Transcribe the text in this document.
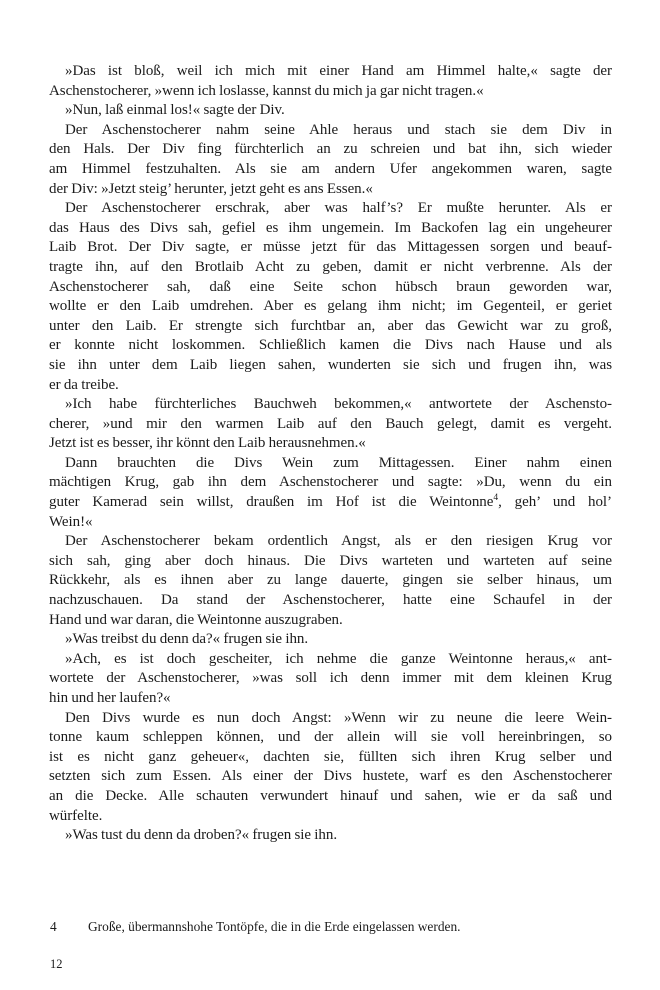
»Das ist bloß, weil ich mich mit einer Hand am Himmel halte,« sagte der
Aschenstocherer, »wenn ich loslasse, kannst du mich ja gar nicht tragen.«
»Nun, laß einmal los!« sagte der Div.
Der Aschenstocherer nahm seine Ahle heraus und stach sie dem Div in
den Hals. Der Div fing fürchterlich an zu schreien und bat ihn, sich wieder
am Himmel festzuhalten. Als sie am andern Ufer angekommen waren, sagte
der Div: »Jetzt steig’ herunter, jetzt geht es ans Essen.«
Der Aschenstocherer erschrak, aber was half’s? Er mußte herunter. Als er
das Haus des Divs sah, gefiel es ihm ungemein. Im Backofen lag ein ungeheurer
Laib Brot. Der Div sagte, er müsse jetzt für das Mittagessen sorgen und beauf-
tragte ihn, auf den Brotlaib Acht zu geben, damit er nicht verbrenne. Als der
Aschenstocherer sah, daß eine Seite schon hübsch braun geworden war,
wollte er den Laib umdrehen. Aber es gelang ihm nicht; im Gegenteil, er geriet
unter den Laib. Er strengte sich furchtbar an, aber das Gewicht war zu groß,
er konnte nicht loskommen. Schließlich kamen die Divs nach Hause und als
sie ihn unter dem Laib liegen sahen, wunderten sie sich und frugen ihn, was
er da treibe.
»Ich habe fürchterliches Bauchweh bekommen,« antwortete der Aschensto-
cherer, »und mir den warmen Laib auf den Bauch gelegt, damit es vergeht.
Jetzt ist es besser, ihr könnt den Laib herausnehmen.«
Dann brauchten die Divs Wein zum Mittagessen. Einer nahm einen
mächtigen Krug, gab ihn dem Aschenstocherer und sagte: »Du, wenn du ein
guter Kamerad sein willst, draußen im Hof ist die Weintonne$^4$, geh’ und hol’
Wein!«
Der Aschenstocherer bekam ordentlich Angst, als er den riesigen Krug vor
sich sah, ging aber doch hinaus. Die Divs warteten und warteten auf seine
Rückkehr, als es ihnen aber zu lange dauerte, gingen sie selber hinaus, um
nachzuschauen. Da stand der Aschenstocherer, hatte eine Schaufel in der
Hand und war daran, die Weintonne auszugraben.
»Was treibst du denn da?« frugen sie ihn.
»Ach, es ist doch gescheiter, ich nehme die ganze Weintonne heraus,« ant-
wortete der Aschenstocherer, »was soll ich denn immer mit dem kleinen Krug
hin und her laufen?«
Den Divs wurde es nun doch Angst: »Wenn wir zu neune die leere Wein-
tonne kaum schleppen können, und der allein will sie voll hereinbringen, so
ist es nicht ganz geheuer«, dachten sie, füllten sich ihren Krug selber und
setzten sich zum Essen. Als einer der Divs hustete, warf es den Aschenstocherer
an die Decke. Alle schauten verwundert hinauf und sahen, wie er da saß und
würfelte.
»Was tust du denn da droben?« frugen sie ihn.
4	Große, übermannshohe Tontöpfe, die in die Erde eingelassen werden.
12
